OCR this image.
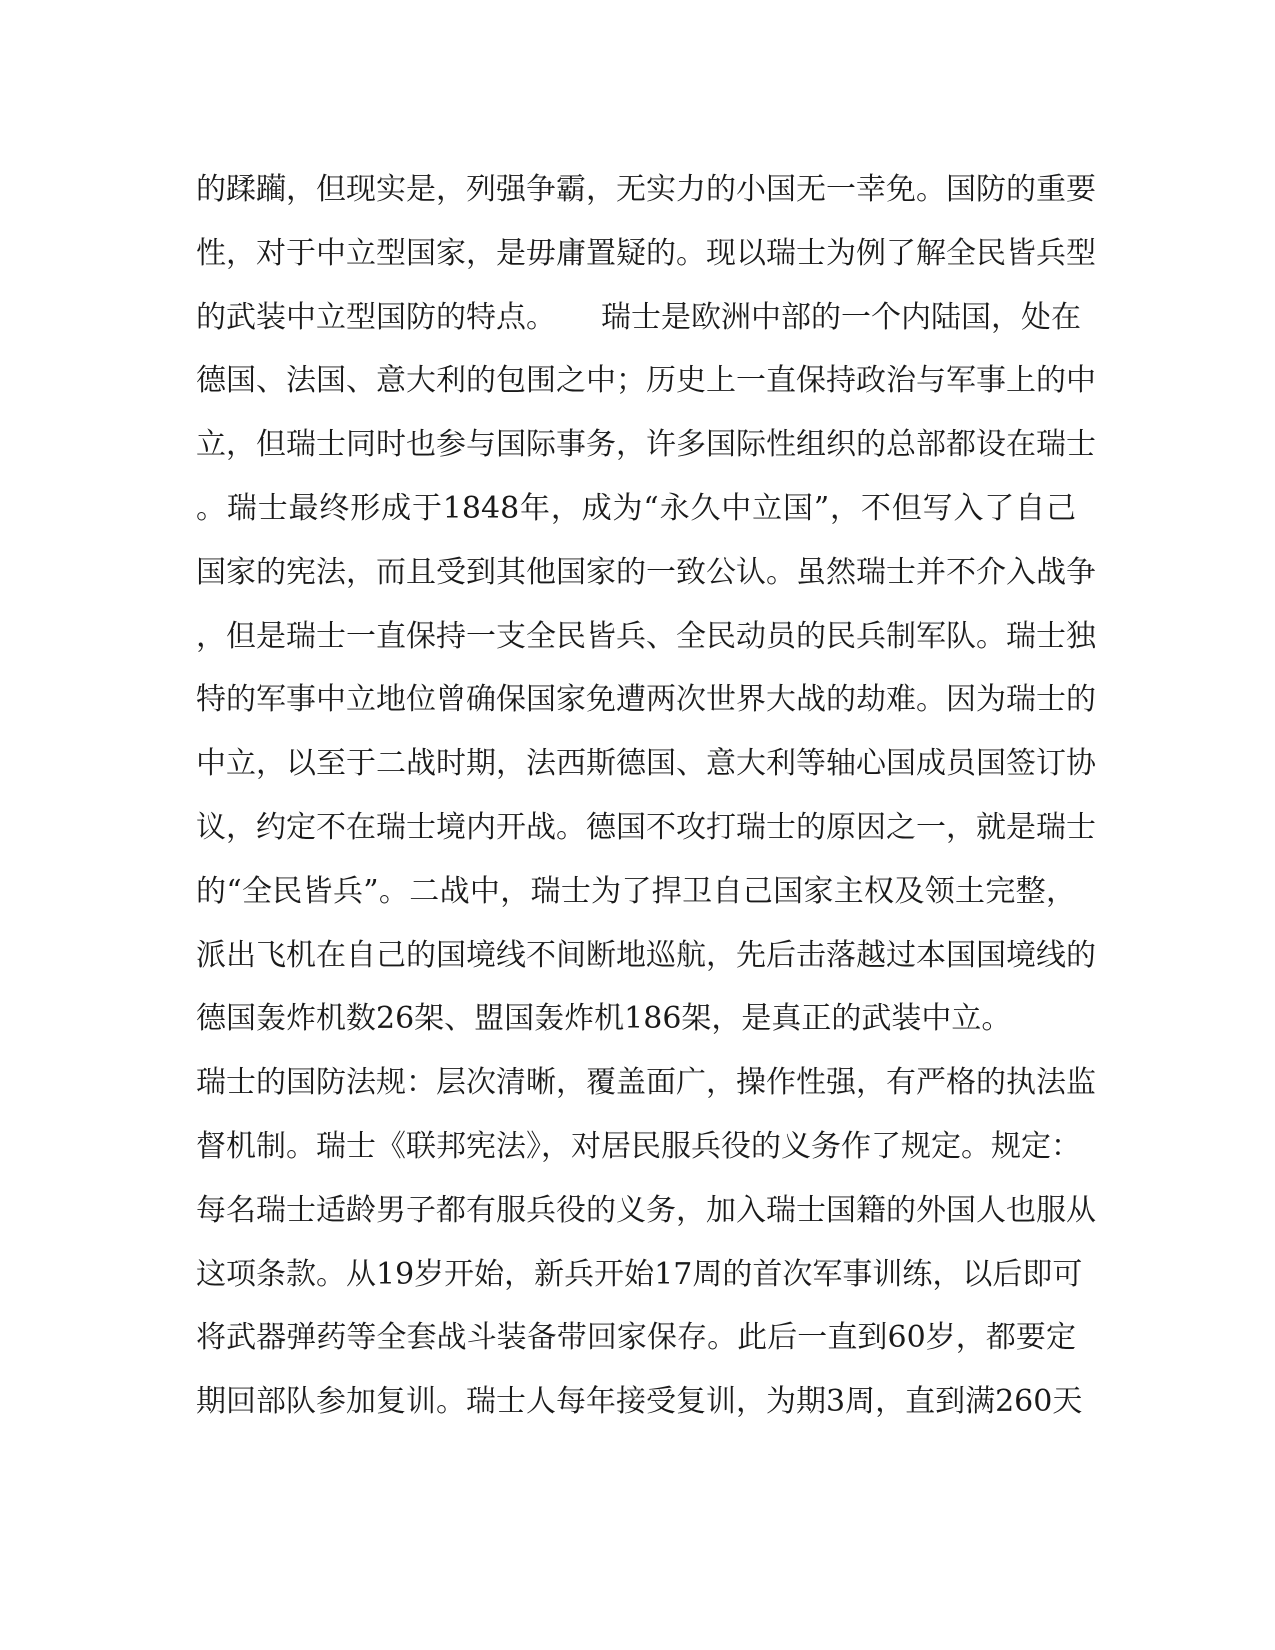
的蹂躏，但现实是，列强争霸，无实力的小国无一幸免。国防的重要
性，对于中立型国家，是毋庸置疑的。现以瑞士为例了解全民皆兵型
的武装中立型国防的特点。　　瑞士是欧洲中部的一个内陆国，处在
德国、法国、意大利的包围之中；历史上一直保持政治与军事上的中
立，但瑞士同时也参与国际事务，许多国际性组织的总部都设在瑞士
。瑞士最终形成于1848年，成为“永久中立国”，不但写入了自己
国家的宪法，而且受到其他国家的一致公认。虽然瑞士并不介入战争
，但是瑞士一直保持一支全民皆兵、全民动员的民兵制军队。瑞士独
特的军事中立地位曾确保国家免遭两次世界大战的劫难。因为瑞士的
中立，以至于二战时期，法西斯德国、意大利等轴心国成员国签订协
议，约定不在瑞士境内开战。德国不攻打瑞士的原因之一，就是瑞士
的“全民皆兵”。二战中，瑞士为了捍卫自己国家主权及领土完整，
派出飞机在自己的国境线不间断地巡航，先后击落越过本国国境线的
德国轰炸机数26架、盟国轰炸机186架，是真正的武装中立。
瑞士的国防法规：层次清晰，覆盖面广，操作性强，有严格的执法监
督机制。瑞士《联邦宪法》，对居民服兵役的义务作了规定。规定：
每名瑞士适龄男子都有服兵役的义务，加入瑞士国籍的外国人也服从
这项条款。从19岁开始，新兵开始17周的首次军事训练，以后即可
将武器弹药等全套战斗装备带回家保存。此后一直到60岁，都要定
期回部队参加复训。瑞士人每年接受复训，为期3周，直到满260天
